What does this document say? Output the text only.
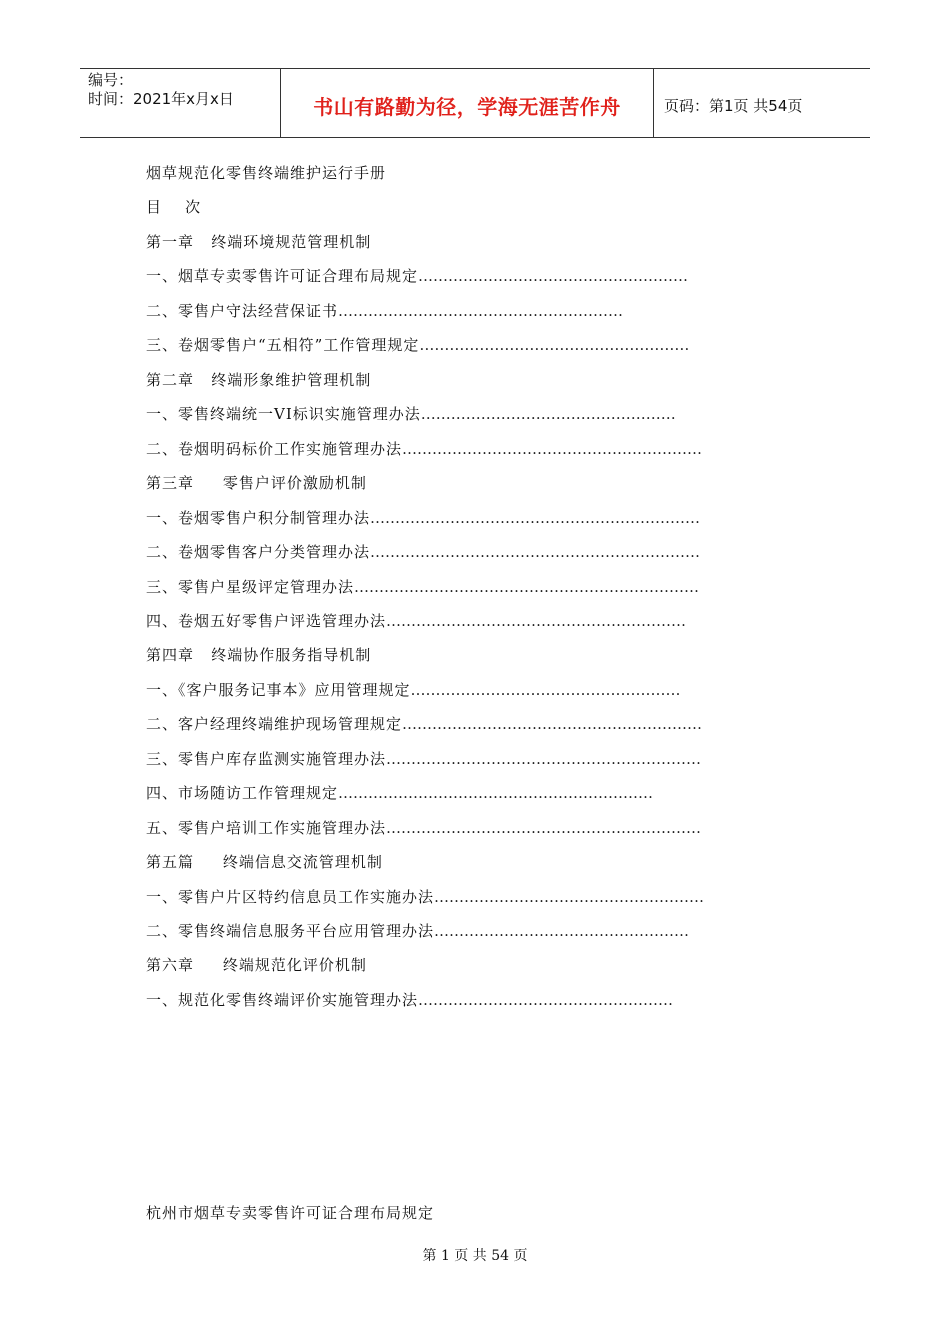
编号：
时间：2021年x月x日	书山有路勤为径，学海无涯苦作舟	页码：第1页 共54页
烟草规范化零售终端维护运行手册
目    次
第一章   终端环境规范管理机制
一、烟草专卖零售许可证合理布局规定………………………………………………
二、零售户守法经营保证书…………………………………………………
三、卷烟零售户“五相符”工作管理规定………………………………………………
第二章   终端形象维护管理机制
一、零售终端统一VI标识实施管理办法……………………………………………
二、卷烟明码标价工作实施管理办法……………………………………………………
第三章     零售户评价激励机制
一、卷烟零售户积分制管理办法…………………………………………………………
二、卷烟零售客户分类管理办法…………………………………………………………
三、零售户星级评定管理办法……………………………………………………………
四、卷烟五好零售户评选管理办法……………………………………………………
第四章   终端协作服务指导机制
一、《客户服务记事本》应用管理规定………………………………………………
二、客户经理终端维护现场管理规定……………………………………………………
三、零售户库存监测实施管理办法………………………………………………………
四、市场随访工作管理规定………………………………………………………
五、零售户培训工作实施管理办法………………………………………………………
第五篇     终端信息交流管理机制
一、零售户片区特约信息员工作实施办法………………………………………………
二、零售终端信息服务平台应用管理办法……………………………………………
第六章     终端规范化评价机制
一、规范化零售终端评价实施管理办法……………………………………………
杭州市烟草专卖零售许可证合理布局规定
第 1 页 共 54 页
